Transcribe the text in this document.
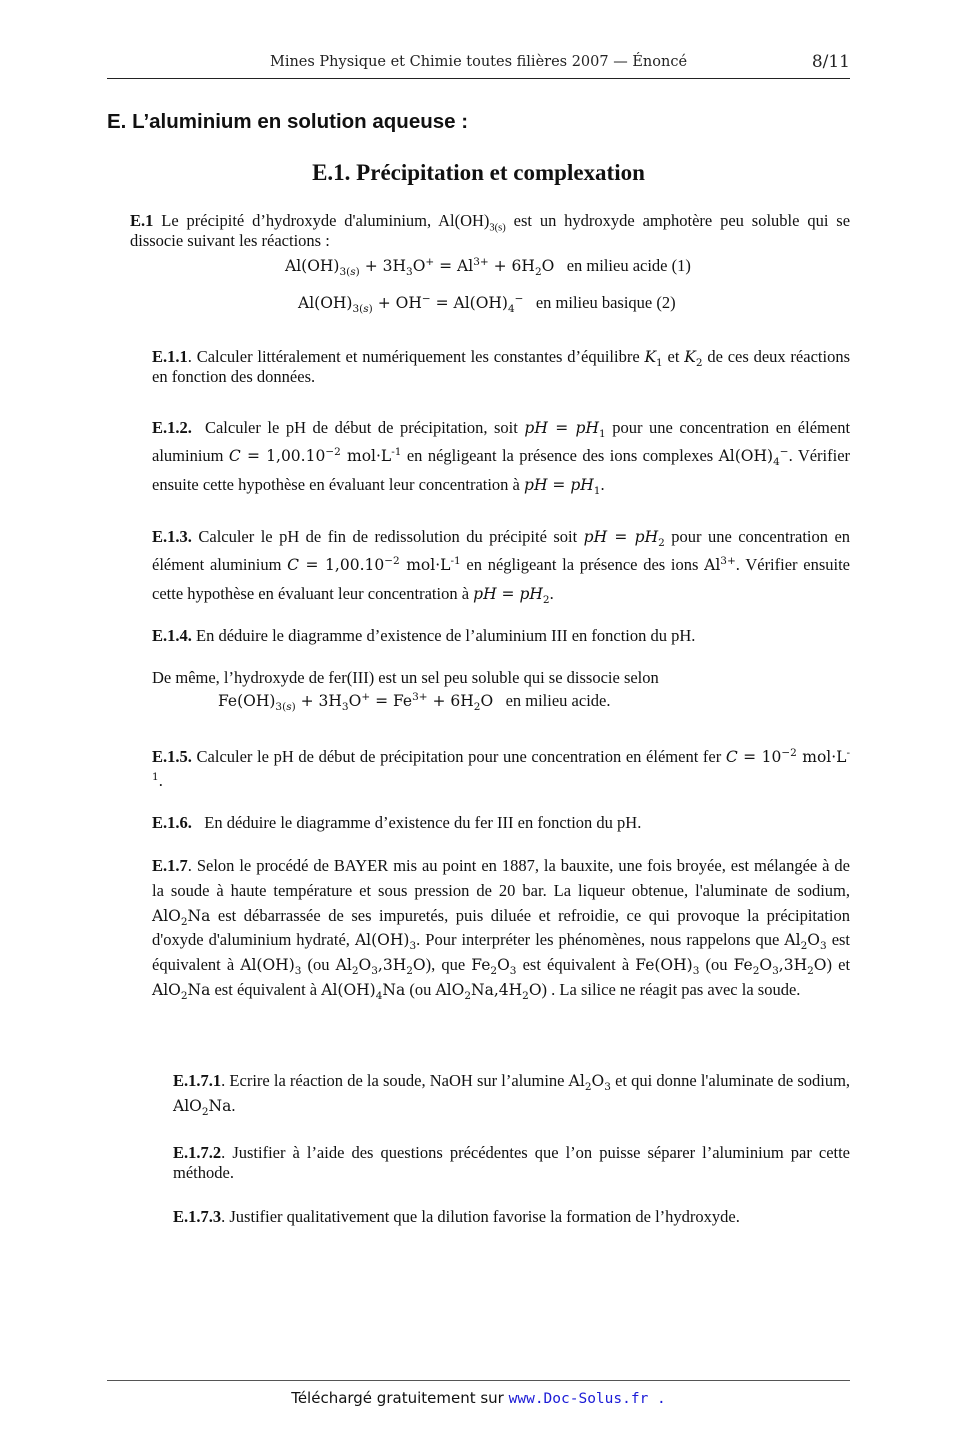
Mines Physique et Chimie toutes filières 2007 — Énoncé	8/11
E. L’aluminium en solution aqueuse :
E.1. Précipitation et complexation
E.1 Le précipité d’hydroxyde d'aluminium, $Al(OH)_{3(s)}$ est un hydroxyde amphotère peu soluble qui se dissocie suivant les réactions :
$Al(OH)_{3(s)} + 3H_3O^+ = Al^{3+} + 6H_2O$ en milieu acide (1)
$Al(OH)_{3(s)} + OH^- = Al(OH)_4^-$ en milieu basique (2)
E.1.1. Calculer littéralement et numériquement les constantes d’équilibre $K_1$ et $K_2$ de ces deux réactions en fonction des données.
E.1.2. Calculer le pH de début de précipitation, soit pH = $pH_1$ pour une concentration en élément aluminium $C = 1,00.10^{-2}$ $mol\cdot L^{-1}$ en négligeant la présence des ions complexes $Al(OH)_4^-$. Vérifier ensuite cette hypothèse en évaluant leur concentration à pH = $pH_1$.
E.1.3. Calculer le pH de fin de redissolution du précipité soit pH = $pH_2$ pour une concentration en élément aluminium $C = 1,00.10^{-2}$ $mol\cdot L^{-1}$ en négligeant la présence des ions $Al^{3+}$. Vérifier ensuite cette hypothèse en évaluant leur concentration à pH = $pH_2$.
E.1.4. En déduire le diagramme d’existence de l’aluminium III en fonction du pH.
De même, l’hydroxyde de fer(III) est un sel peu soluble qui se dissocie selon
$Fe(OH)_{3(s)} + 3H_3O^+ = Fe^{3+} + 6H_2O$ en milieu acide.
E.1.5. Calculer le pH de début de précipitation pour une concentration en élément fer $C = 10^{-2}$ $mol\cdot L^{-1}$.
E.1.6. En déduire le diagramme d’existence du fer III en fonction du pH.
E.1.7. Selon le procédé de BAYER mis au point en 1887, la bauxite, une fois broyée, est mélangée à de la soude à haute température et sous pression de 20 bar. La liqueur obtenue, l'aluminate de sodium, AlO$_2$Na est débarrassée de ses impuretés, puis diluée et refroidie, ce qui provoque la précipitation d'oxyde d'aluminium hydraté, $Al(OH)_3$. Pour interpréter les phénomènes, nous rappelons que $Al_2O_3$ est équivalent à $Al(OH)_3$ (ou $Al_2O_3,3H_2O$), que $Fe_2O_3$ est équivalent à $Fe(OH)_3$ (ou $Fe_2O_3,3H_2O$) et AlO$_2$Na est équivalent à $Al(OH)_4Na$ (ou $AlO_2Na,4H_2O$) . La silice ne réagit pas avec la soude.
E.1.7.1. Ecrire la réaction de la soude, NaOH sur l’alumine $Al_2O_3$ et qui donne l'aluminate de sodium, AlO$_2$Na.
E.1.7.2. Justifier à l’aide des questions précédentes que l’on puisse séparer l’aluminium par cette méthode.
E.1.7.3. Justifier qualitativement que la dilution favorise la formation de l’hydroxyde.
Téléchargé gratuitement sur www.Doc-Solus.fr .
